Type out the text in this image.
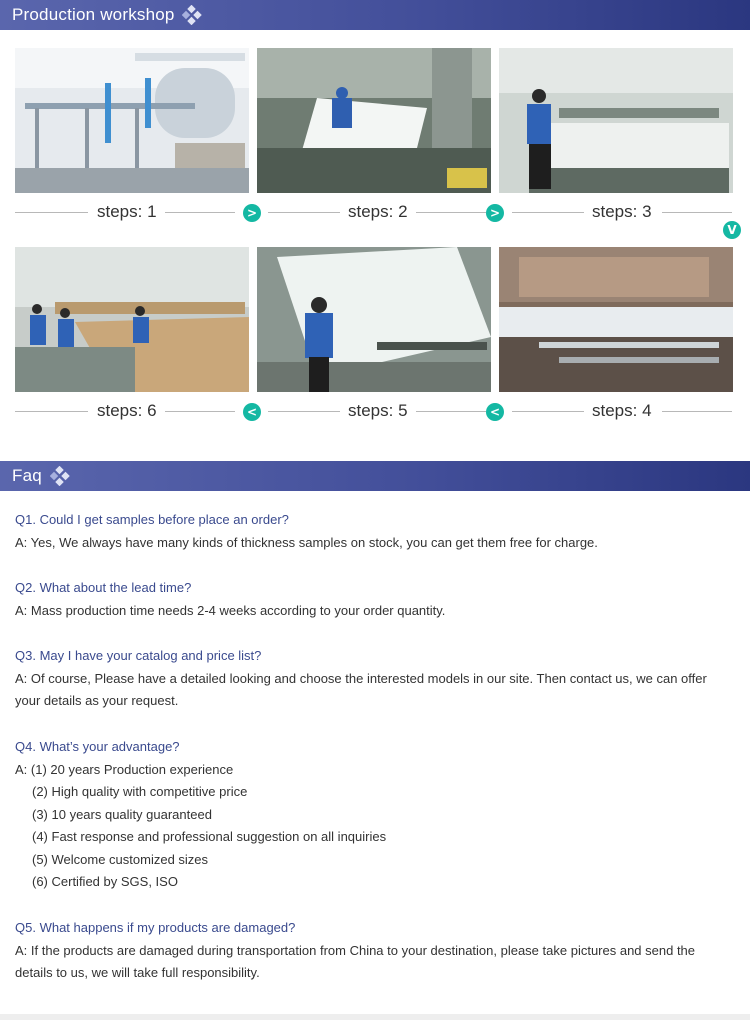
Production workshop
steps: 1	>	steps: 2	>	steps: 3
V
steps: 6	<	steps: 5	<	steps: 4
Faq
Q1. Could I get samples before place an order?
A: Yes, We always have many kinds of thickness samples on stock, you can get them free for charge.
Q2. What about the lead time?
A: Mass production time needs 2-4 weeks according to your order quantity.
Q3. May I have your catalog and price list?
A: Of course, Please have a detailed looking and choose the interested models in our site. Then contact us, we can offer
your details as your request.
Q4. What’s your advantage?
A: (1) 20 years Production experience
(2) High quality with competitive price
(3) 10 years quality guaranteed
(4) Fast response and professional suggestion on all inquiries
(5) Welcome customized sizes
(6) Certified by SGS, ISO
Q5. What happens if my products are damaged?
A: If the products are damaged during transportation from China to your destination, please take pictures and send the
details to us, we will take full responsibility.
